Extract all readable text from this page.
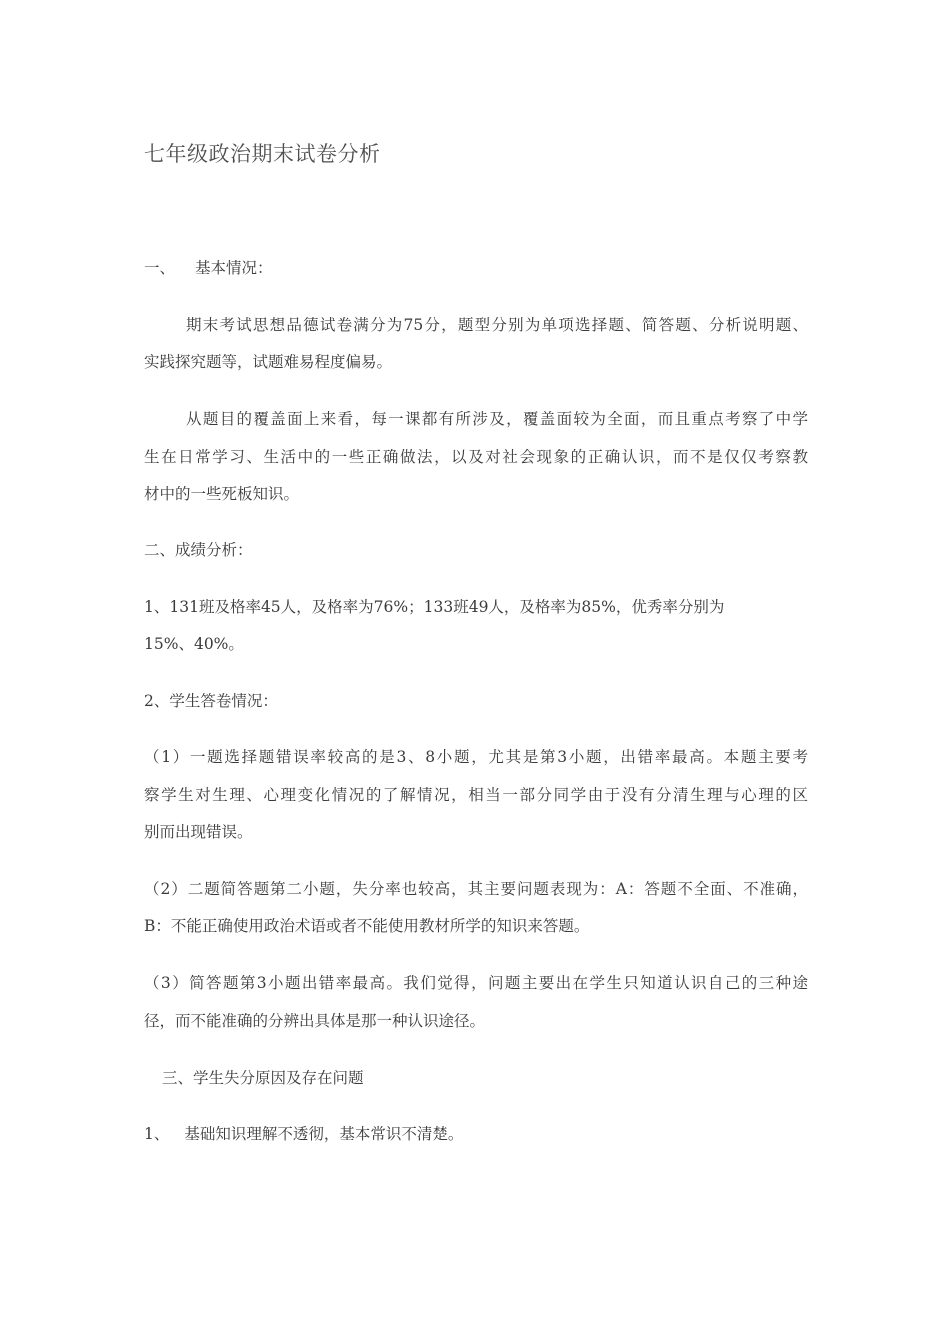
七年级政治期末试卷分析
一、 基本情况：
期末考试思想品德试卷满分为75分，题型分别为单项选择题、简答题、分析说明题、
实践探究题等，试题难易程度偏易。
从题目的覆盖面上来看，每一课都有所涉及，覆盖面较为全面，而且重点考察了中学
生在日常学习、生活中的一些正确做法，以及对社会现象的正确认识，而不是仅仅考察教
材中的一些死板知识。
二、成绩分析：
1、131班及格率45人，及格率为76%；133班49人，及格率为85%，优秀率分别为
15%、40%。
2、学生答卷情况：
（1）一题选择题错误率较高的是3、8小题，尤其是第3小题，出错率最高。本题主要考
察学生对生理、心理变化情况的了解情况，相当一部分同学由于没有分清生理与心理的区
别而出现错误。
（2）二题简答题第二小题，失分率也较高，其主要问题表现为：A：答题不全面、不准确，
B：不能正确使用政治术语或者不能使用教材所学的知识来答题。
（3）简答题第3小题出错率最高。我们觉得，问题主要出在学生只知道认识自己的三种途
径，而不能准确的分辨出具体是那一种认识途径。
三、学生失分原因及存在问题
1、 基础知识理解不透彻，基本常识不清楚。
